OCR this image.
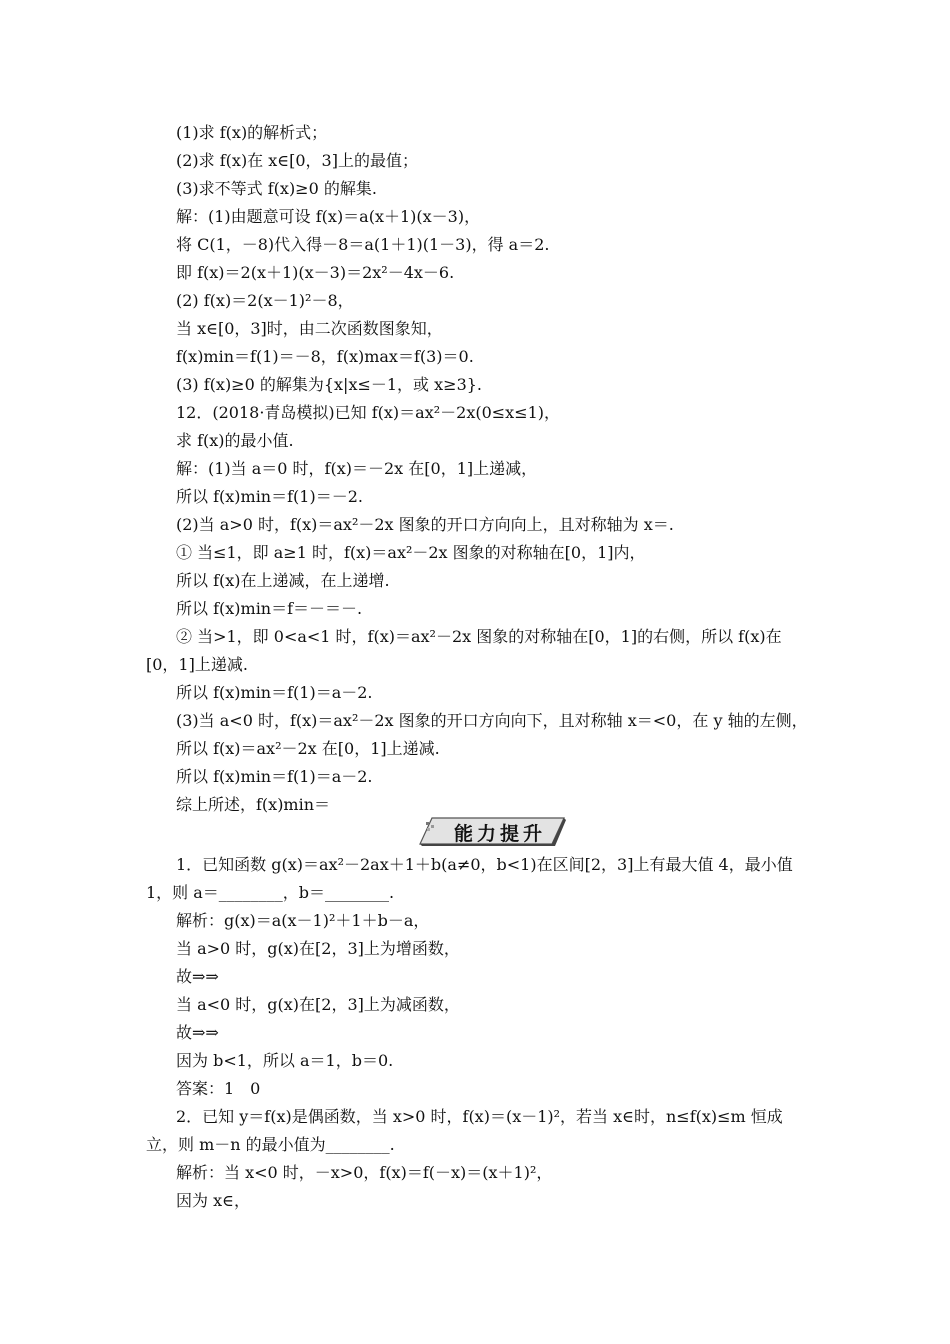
(1)求 f(x)的解析式；
(2)求 f(x)在 x∈[0，3]上的最值；
(3)求不等式 f(x)≥0 的解集.
解：(1)由题意可设 f(x)＝a(x＋1)(x－3)，
将 C(1，－8)代入得－8＝a(1＋1)(1－3)，得 a＝2.
即 f(x)＝2(x＋1)(x－3)＝2x²－4x－6.
(2) f(x)＝2(x－1)²－8，
当 x∈[0，3]时，由二次函数图象知，
f(x)min＝f(1)＝－8，f(x)max＝f(3)＝0.
(3) f(x)≥0 的解集为{x|x≤－1，或 x≥3}.
12．(2018·青岛模拟)已知 f(x)＝ax²－2x(0≤x≤1)，
求 f(x)的最小值.
解：(1)当 a＝0 时，f(x)＝－2x 在[0，1]上递减，
所以 f(x)min＝f(1)＝－2.
(2)当 a>0 时，f(x)＝ax²－2x 图象的开口方向向上，且对称轴为 x＝.
① 当≤1，即 a≥1 时，f(x)＝ax²－2x 图象的对称轴在[0，1]内，
所以 f(x)在上递减，在上递增.
所以 f(x)min＝f＝－＝－.
② 当>1，即 0<a<1 时，f(x)＝ax²－2x 图象的对称轴在[0，1]的右侧，所以 f(x)在
[0，1]上递减.
所以 f(x)min＝f(1)＝a－2.
(3)当 a<0 时，f(x)＝ax²－2x 图象的开口方向向下，且对称轴 x＝<0，在 y 轴的左侧，
所以 f(x)＝ax²－2x 在[0，1]上递减.
所以 f(x)min＝f(1)＝a－2.
综上所述，f(x)min＝
能力提升
1．已知函数 g(x)＝ax²－2ax＋1＋b(a≠0，b<1)在区间[2，3]上有最大值 4，最小值
1，则 a＝________，b＝________.
解析：g(x)＝a(x－1)²＋1＋b－a，
当 a>0 时，g(x)在[2，3]上为增函数，
故⇒⇒
当 a<0 时，g(x)在[2，3]上为减函数，
故⇒⇒
因为 b<1，所以 a＝1，b＝0.
答案：1　0
2．已知 y＝f(x)是偶函数，当 x>0 时，f(x)＝(x－1)²，若当 x∈时，n≤f(x)≤m 恒成
立，则 m－n 的最小值为________.
解析：当 x<0 时，－x>0，f(x)＝f(－x)＝(x＋1)²，
因为 x∈，
